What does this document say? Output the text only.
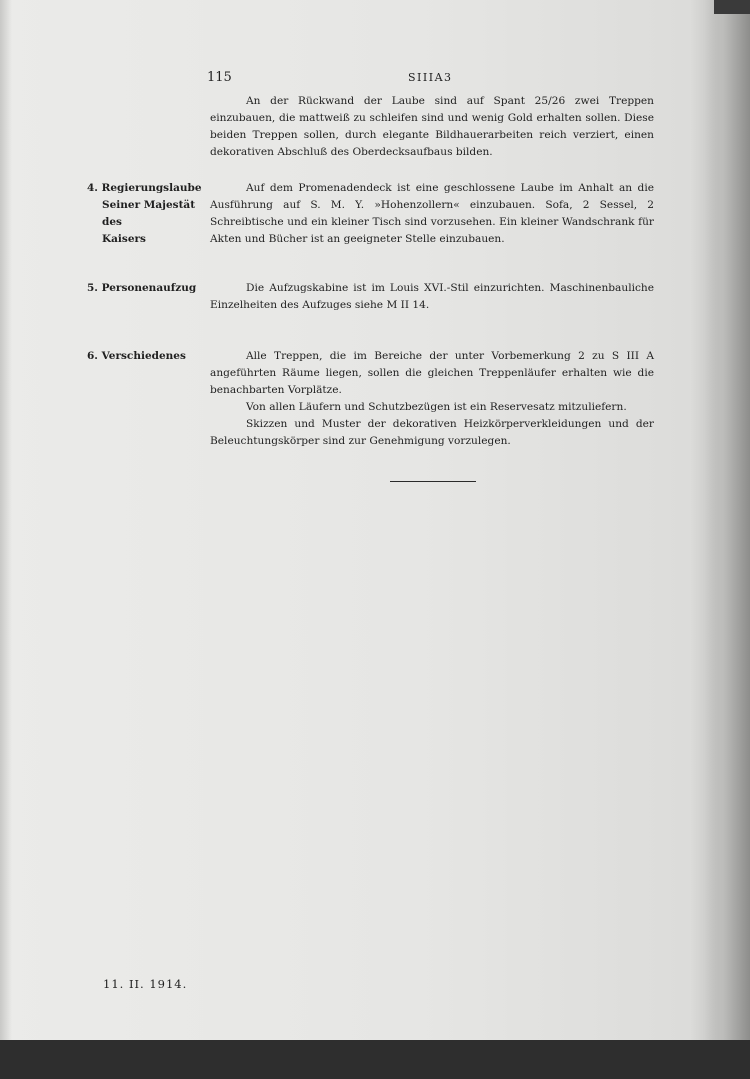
115	SIIIA3

An der Rückwand der Laube sind auf Spant 25/26 zwei Treppen einzubauen, die mattweiß zu schleifen sind und wenig Gold erhalten sollen. Diese beiden Treppen sollen, durch elegante Bildhauerarbeiten reich verziert, einen dekorativen Abschluß des Oberdecksaufbaus bilden.

4. Regierungslaube
Seiner Majestät des
Kaisers

Auf dem Promenadendeck ist eine geschlossene Laube im Anhalt an die Ausführung auf S. M. Y. »Hohenzollern« einzubauen. Sofa, 2 Sessel, 2 Schreibtische und ein kleiner Tisch sind vorzusehen. Ein kleiner Wandschrank für Akten und Bücher ist an geeigneter Stelle einzubauen.

5. Personenaufzug	Die Aufzugskabine ist im Louis XVI.-Stil einzurichten. Maschinenbauliche Einzelheiten des Aufzuges siehe M II 14.

6. Verschiedenes	Alle Treppen, die im Bereiche der unter Vorbemerkung 2 zu S III A angeführten Räume liegen, sollen die gleichen Treppenläufer erhalten wie die benachbarten Vorplätze.

Von allen Läufern und Schutzbezügen ist ein Reservesatz mitzuliefern.

Skizzen und Muster der dekorativen Heizkörperverkleidungen und der Beleuchtungskörper sind zur Genehmigung vorzulegen.

11. II. 1914.
